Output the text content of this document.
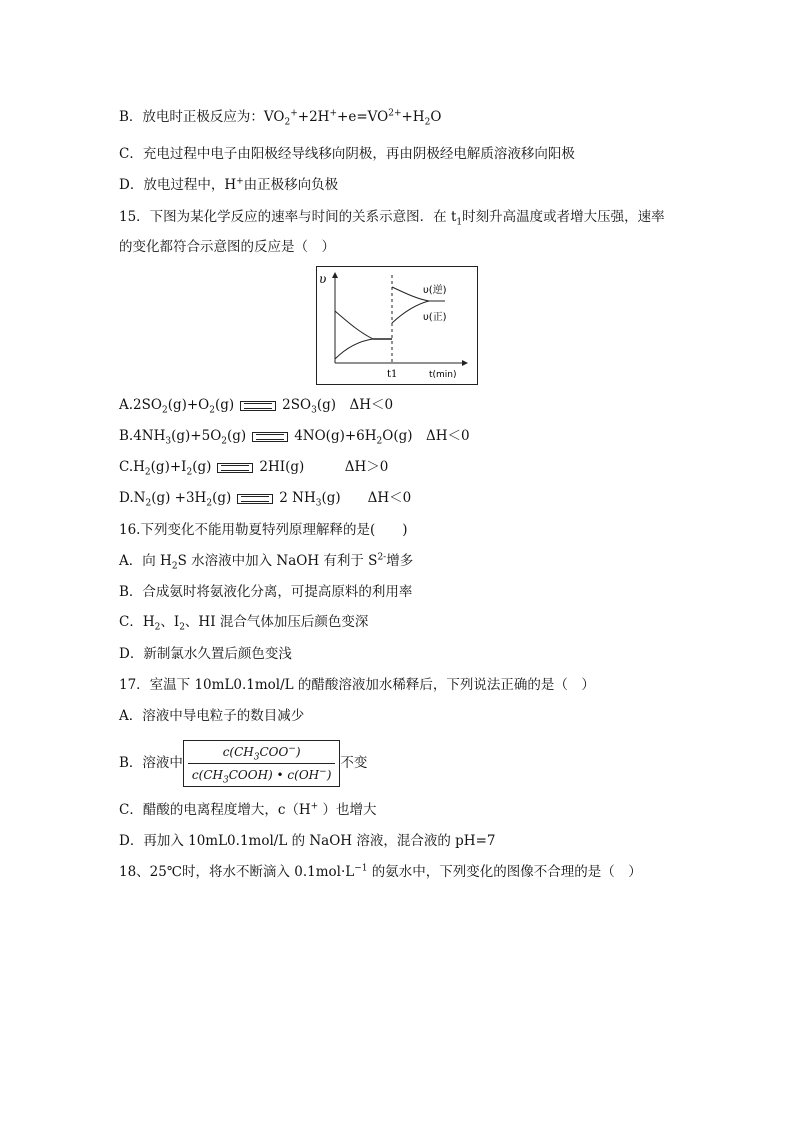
B．放电时正极反应为：$VO_2^++2H^++e=VO^{2+}+H_2O$
C．充电过程中电子由阳极经导线移向阴极，再由阴极经电解质溶液移向阳极
D．放电过程中，H+由正极移向负极
15．下图为某化学反应的速率与时间的关系示意图．在 $t_1$时刻升高温度或者增大压强，速率
的变化都符合示意图的反应是（　）
υ
υ(逆)
υ(正)
t1	t(min)
$A.2SO_2(g)+O_2(g)$	$2SO_3(g)$　ΔH＜0
$B.4NH_3(g)+5O_2(g)$	$4NO(g)+6H_2O(g)$　ΔH＜0
$C.H_2(g)+I_2(g)$	2HI(g)　　　ΔH＞0
$D.N_2(g) +3H_2(g)$	2 $NH_3(g)$　　ΔH＜0
16.下列变化不能用勒夏特列原理解释的是(　　)
A．向 $H_2S$ 水溶液中加入 NaOH 有利于 $S^{2-}$增多
B．合成氨时将氨液化分离，可提高原料的利用率
C．$H_2$、$I_2$、HI 混合气体加压后颜色变深
D．新制氯水久置后颜色变浅
17．室温下 10mL0.1mol/L 的醋酸溶液加水稀释后，下列说法正确的是（　）
A．溶液中导电粒子的数目减少
B．溶液中 $\frac{c(CH_3COO^-)}{c(CH_3COOH) • c(OH^-)}$ 不变
C．醋酸的电离程度增大，c（H+ ）也增大
D．再加入 10mL0.1mol/L 的 NaOH 溶液，混合液的 pH=7
18、25℃时，将水不断滴入 $0.1mol\cdot L^{-1}$ 的氨水中，下列变化的图像不合理的是（　）
